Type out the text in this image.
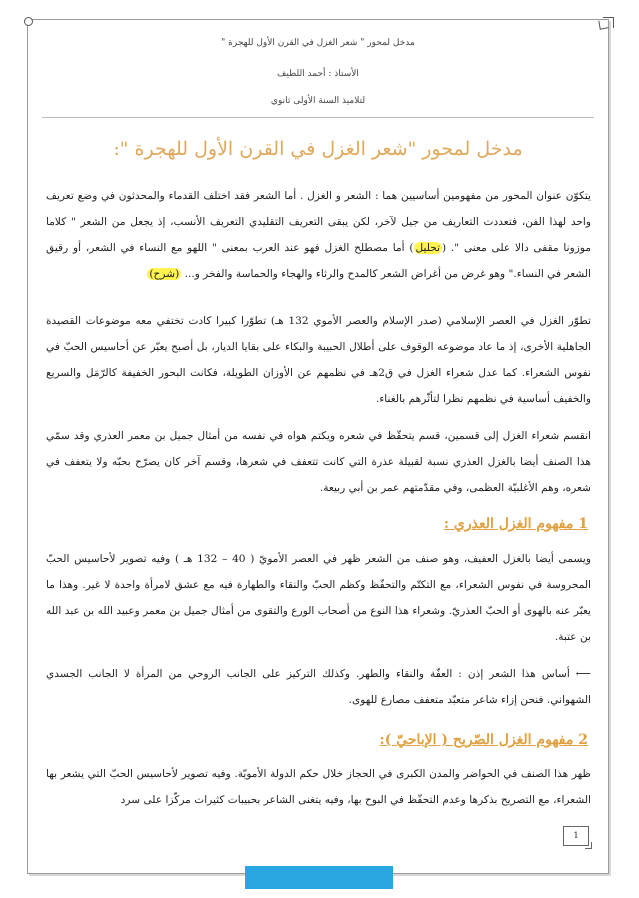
مدخل لمحور " شعر الغزل في القرن الأول للهجرة "
الأستاذ : أحمد اللطيف
لتلاميذ السنة الأولى ثانوي
مدخل لمحور "شعر الغزل في القرن الأول للهجرة ":
يتكوّن عنوان المحور من مفهومين أساسيين هما : الشعر و الغزل . أما الشعر فقد اختلف القدماء والمحدثون في وضع تعريف واحد لهذا الفن، فتعددت التعاريف من جيل لآخر، لكن يبقى التعريف التقليدي التعريف الأنسب، إذ يجعل من الشعر " كلاما موزونا مقفى دالا على معنى ". (تحليل) أما مصطلح الغزل فهو عند العرب بمعنى " اللهو مع النساء في الشعر، أو رقيق الشعر في النساء." وهو غرض من أغراض الشعر كالمدح والرثاء والهجاء والحماسة والفخر و... (شرح)
تطوّر الغزل في العصر الإسلامي (صدر الإسلام والعصر الأموي 132 هـ) تطوّرا كبيرا كادت تختفي معه موضوعات القصيدة الجاهلية الأخرى، إذ ما عاد موضوعه الوقوف على أطلال الحبيبة والبكاء على بقايا الديار، بل أصبح يعبّر عن أحاسيس الحبّ في نفوس الشعراء. كما عدل شعراء الغزل في ق2هـ في نظمهم عن الأوزان الطويلة، فكانت البحور الخفيفة كالرّمَل والسريع والخفيف أساسية في نظمهم نظرا لتأثّرهم بالغناء.
انقسم شعراء الغزل إلى قسمين، قسم يتحقّظ في شعره ويكتم هواه في نفسه من أمثال جميل بن معمر العذري وقد سمّي هذا الصنف أيضا بالغزل العذري نسبة لقبيلة عذرة التي كانت تتعفف في شعرها، وقسم آخر كان يصرّح بحبّه ولا يتعفف في شعره، وهم الأغلبيّة العظمى، وفي مقدّمتهم عمر بن أبي ربيعة.
1 مفهوم الغزل العذري :
ويسمى أيضا بالغزل العفيف، وهو صنف من الشعر ظهر في العصر الأمويّ ( 40 – 132 هـ ) وفيه تصوير لأحاسيس الحبّ المحروسة في نفوس الشعراء، مع التكتّم والتحفّظ وكظم الحبّ والنقاء والطهارة فيه مع عشق لامرأة واحدة لا غير. وهذا ما يعبّر عنه بالهوى أو الحبّ العذريّ. وشعراء هذا النوع من أصحاب الورع والتقوى من أمثال جميل بن معمر وعبيد الله بن عبد الله بن عتبة.
⟵ أساس هذا الشعر إذن : العفّة والنقاء والطهر. وكذلك التركيز على الجانب الروحي من المرأة لا الجانب الجسدي الشهواني. فنحن إزاء شاعر متعبّد متعفف مصارع للهوى.
2 مفهوم الغزل الصّريح ( الإباحيّ ):
ظهر هذا الصنف في الحواضر والمدن الكبرى في الحجاز خلال حكم الدولة الأمويّة. وفيه تصوير لأحاسيس الحبّ التي يشعر بها الشعراء، مع التصريح بذكرها وعدم التحفّظ في البوح بها، وفيه يتغنى الشاعر بحبيبات كثيرات مركّزا على سرد
1
